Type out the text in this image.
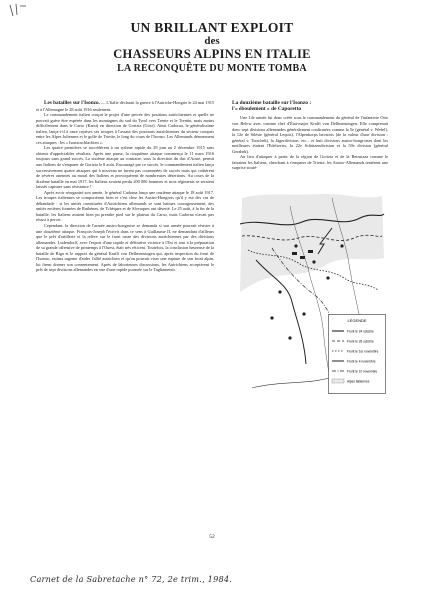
UN BRILLANT EXPLOIT
des
CHASSEURS ALPINS EN ITALIE
LA RECONQUÊTE DU MONTE TOMBA

Les batailles sur l'Isonzo. — L'Italie déclarait la guerre à l'Autriche-Hongrie le 24 mai 1915 et à l'Allemagne le 28 août 1916 seulement.

Le commandement italien conçut le projet d'une percée des positions autrichiennes et quelle ne pouvait guère être espérée dans les montagnes du sud du Tyrol vers Trente et le Trentin, mais moins difficilement dans le Carso (Karst) en direction de Gorizia (Görz). Ainsi Cadorna, le généralissime italien, lança-t-il à onze reprises ses troupes à l'assaut des positions autrichiennes du secteur compris entre les Alpes Juliennes et le golfe de Trieste, le long du cours de l'Isonzo. Les Allemands dénomment ces attaques : les « Isonzoschlachten ».

Les quatre premières se succédèrent à un rythme rapide du 29 juin au 2 décembre 1915 sans obtenir d'appréciables résultats. Après une pause, la cinquième attaque commença le 11 mars 1916 toujours sans grand succès. La sixième attaque au contraire, sous la direction du duc d'Aoste, permit aux Italiens de s'emparer de Gorizia le 8 août. Encouragé par ce succès, le commandement italien lança successivement quatre attaques qui à nouveau ne furent pas couronnées de succès mais qui coûtèrent de sévères atteintes au moral des Italiens et provoquèrent de nombreuses désertions. Au cours de la dixième bataille en mai 1917, les Italiens avaient perdu 200 000 hommes et trois régiments se seraient laissés capturer sans résistance !

Après avoir réorganisé son armée, le général Cadorna lança une onzième attaque le 18 août 1917. Les troupes italiennes se comportèrent bien et c'est chez les Austro-Hongrois qu'il y eut des cas de débandade : si les unités constituées d'Autrichiens allemands se sont battues courageusement, des unités entières formées de Ruthènes, de Tchèques et de Slovaques ont déserté. Le 25 août, à la fin de la bataille, les Italiens avaient bien pu prendre pied sur le plateau du Carso, mais Cadorna n'avait pas réussi à percer.

Cependant, la direction de l'armée austro-hongroise se demanda si son armée pourrait résister à une douzième attaque. François-Joseph l'écrivit dans ce sens à Guillaume II, ne demandant d'ailleurs que le prêt d'artillerie et la relève sur le front russe des divisions autrichiennes par des divisions allemandes. Ludendorff, avec l'espoir d'une rapide et définitive victoire à l'Est et tout à la préparation de sa grande offensive de printemps à l'Ouest, était très réticent. Toutefois, la conclusion heureuse de la bataille de Riga et le rapport du général Krafft von Dellmensingen qui, après inspection du front de l'Isonzo, estima urgente d'aider l'allié autrichien et qu'on pouvait viser une rupture de son front alpin, lui firent donner son consentement. Après de laborieuses discussions, les Autrichiens acceptèrent le prêt de sept divisions allemandes en vue d'une rapide poussée sur le Tagliamento.

La douzième bataille sur l'Isonzo :
l'« éboulement » de Caporetto

Une 14e armée fut donc créée sous le commandement du général de l'infanterie Otto von Below avec comme chef d'État-major Krafft von Dellmensingen. Elle comprenait donc sept divisions allemandes généralement confirmées comme la 5e (général v. Wedel), la 12e de Silésie (général Lequis), l'Alpenkorps bavarois (de la valeur d'une division : général v. Tutschek), la Jägerdivision, etc... et huit divisions austro-hongroises dont les meilleures étaient l'Edelweiss, la 22e Schützendivision et la 50e division (général Gerabek).

Au lieu d'attaquer à partir de la région de Gorizia et de la Beinsizza comme le faisaient les Italiens, cherchant à s'emparer de Trieste, les Austro-Allemands tentèrent une surprise straté-

LÉGENDE
Front le 24 octobre
Front le 26 octobre
Front le 1er novembre
Front le 4 novembre
Front le 10 novembre
Alpes italiennes
52
Carnet de la Sabretache n° 72, 2e trim., 1984.
